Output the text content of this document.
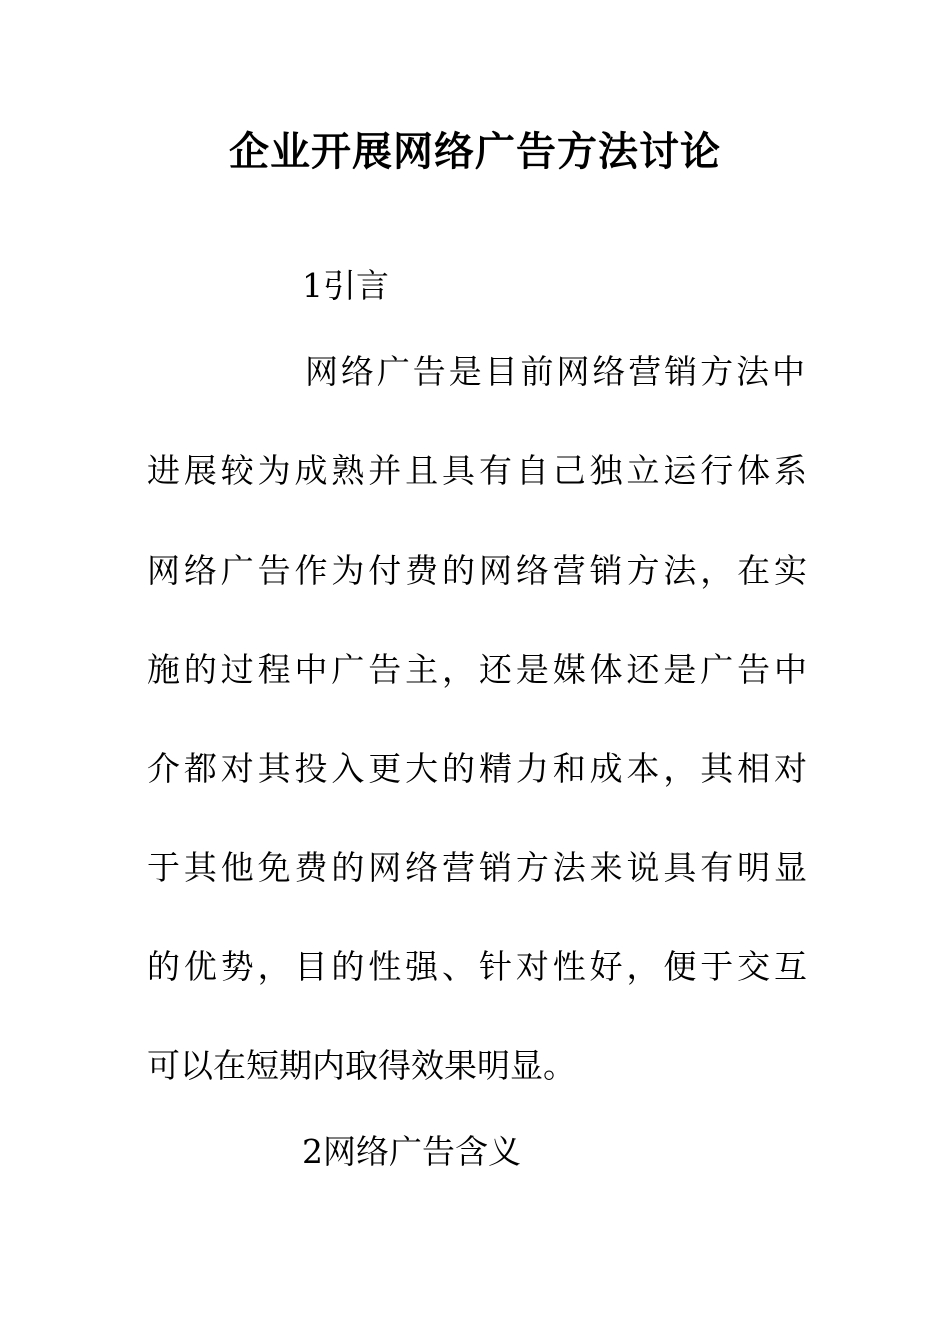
企业开展网络广告方法讨论
1引言
网络广告是目前网络营销方法中
进展较为成熟并且具有自己独立运行体系
网络广告作为付费的网络营销方法，在实
施的过程中广告主，还是媒体还是广告中
介都对其投入更大的精力和成本，其相对
于其他免费的网络营销方法来说具有明显
的优势，目的性强、针对性好，便于交互
可以在短期内取得效果明显。
2网络广告含义
